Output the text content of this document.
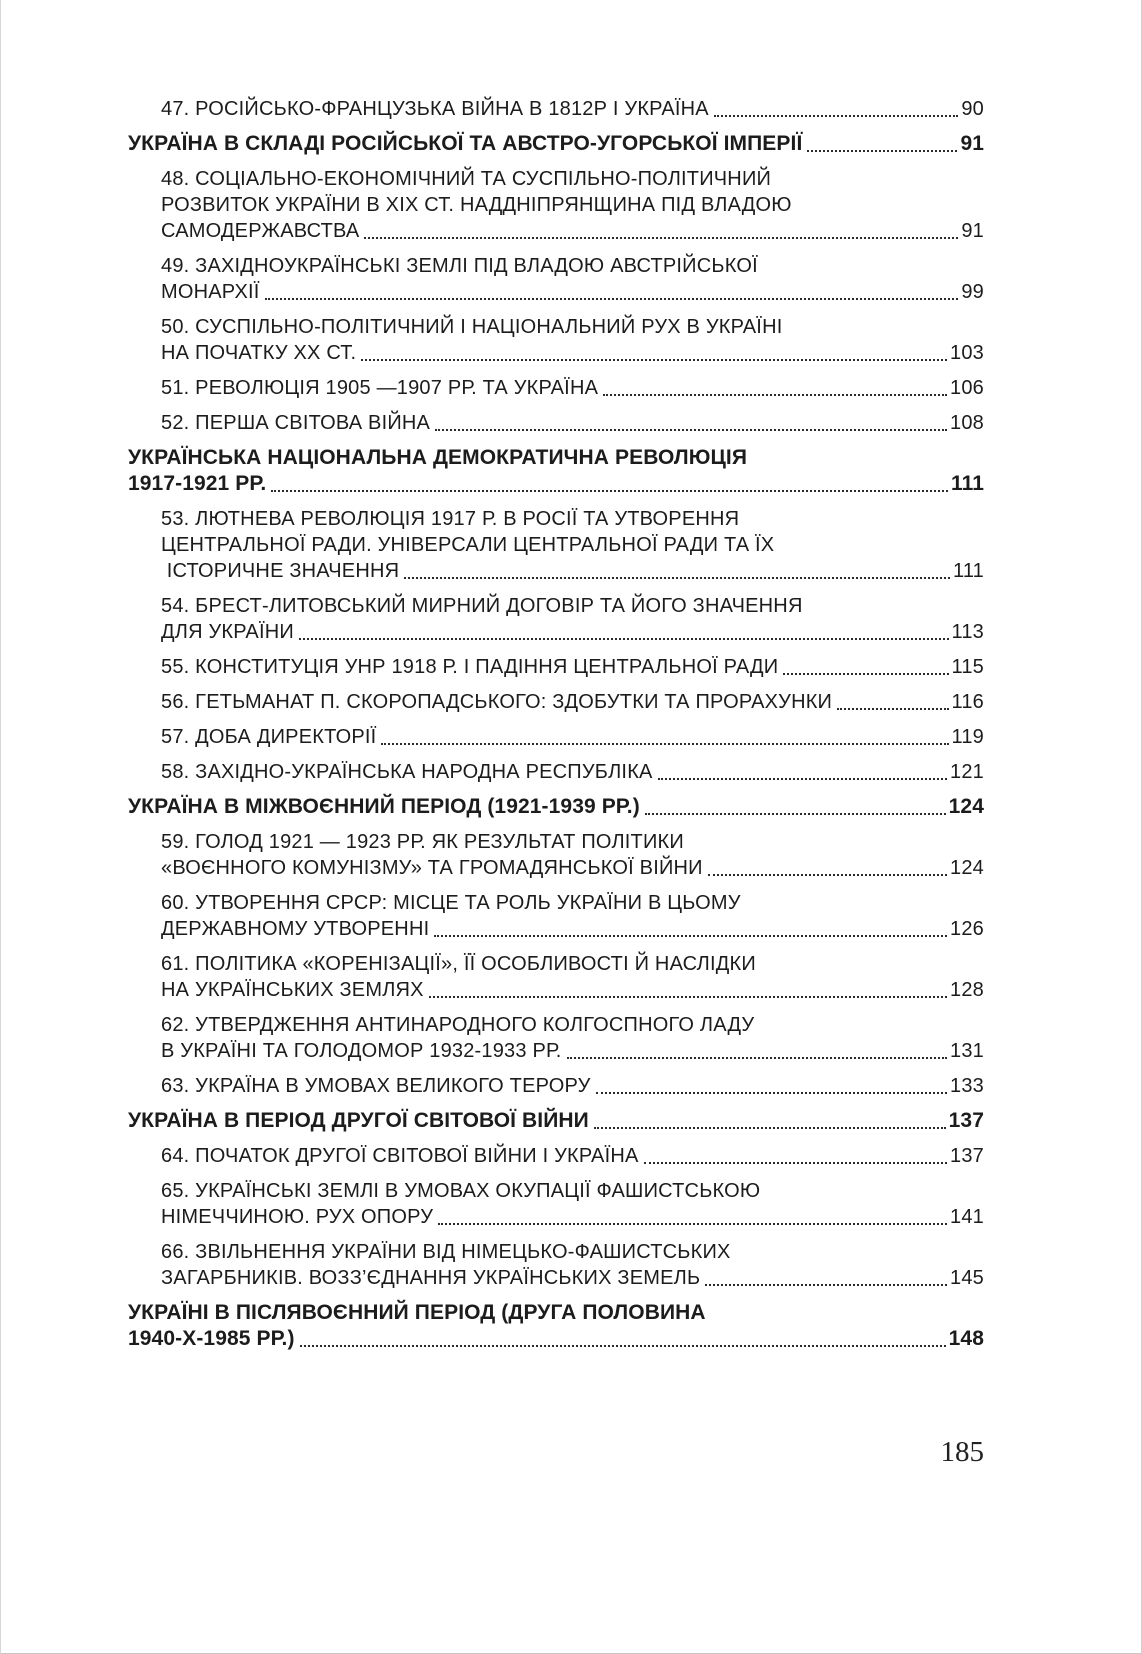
47. РОСІЙСЬКО-ФРАНЦУЗЬКА ВІЙНА В 1812Р І УКРАЇНА	90
УКРАЇНА В СКЛАДІ РОСІЙСЬКОЇ ТА АВСТРО-УГОРСЬКОЇ ІМПЕРІЇ	91
48. СОЦІАЛЬНО-ЕКОНОМІЧНИЙ ТА СУСПІЛЬНО-ПОЛІТИЧНИЙ
РОЗВИТОК УКРАЇНИ В XIX СТ. НАДДНІПРЯНЩИНА ПІД ВЛАДОЮ
САМОДЕРЖАВСТВА	91
49. ЗАХІДНОУКРАЇНСЬКІ ЗЕМЛІ ПІД ВЛАДОЮ АВСТРІЙСЬКОЇ
МОНАРХІЇ	99
50. СУСПІЛЬНО-ПОЛІТИЧНИЙ І НАЦІОНАЛЬНИЙ РУХ В УКРАЇНІ
НА ПОЧАТКУ XX СТ.	103
51. РЕВОЛЮЦІЯ 1905 —1907 РР. ТА УКРАЇНА	106
52. ПЕРША СВІТОВА ВІЙНА	108
УКРАЇНСЬКА НАЦІОНАЛЬНА ДЕМОКРАТИЧНА РЕВОЛЮЦІЯ
1917-1921 РР.	111
53. ЛЮТНЕВА РЕВОЛЮЦІЯ 1917 Р. В РОСІЇ ТА УТВОРЕННЯ
ЦЕНТРАЛЬНОЇ РАДИ. УНІВЕРСАЛИ ЦЕНТРАЛЬНОЇ РАДИ ТА ЇХ
ІСТОРИЧНЕ ЗНАЧЕННЯ	111
54. БРЕСТ-ЛИТОВСЬКИЙ МИРНИЙ ДОГОВІР ТА ЙОГО ЗНАЧЕННЯ
ДЛЯ УКРАЇНИ	113
55. КОНСТИТУЦІЯ УНР 1918 Р. І ПАДІННЯ ЦЕНТРАЛЬНОЇ РАДИ	115
56. ГЕТЬМАНАТ П. СКОРОПАДСЬКОГО: ЗДОБУТКИ ТА ПРОРАХУНКИ	116
57. ДОБА ДИРЕКТОРІЇ	119
58. ЗАХІДНО-УКРАЇНСЬКА НАРОДНА РЕСПУБЛІКА	121
УКРАЇНА В МІЖВОЄННИЙ ПЕРІОД (1921-1939 РР.)	124
59. ГОЛОД 1921 — 1923 РР. ЯК РЕЗУЛЬТАТ ПОЛІТИКИ
«ВОЄННОГО КОМУНІЗМУ» ТА ГРОМАДЯНСЬКОЇ ВІЙНИ	124
60. УТВОРЕННЯ СРСР: МІСЦЕ ТА РОЛЬ УКРАЇНИ В ЦЬОМУ
ДЕРЖАВНОМУ УТВОРЕННІ	126
61. ПОЛІТИКА «КОРЕНІЗАЦІЇ», ЇЇ ОСОБЛИВОСТІ Й НАСЛІДКИ
НА УКРАЇНСЬКИХ ЗЕМЛЯХ	128
62. УТВЕРДЖЕННЯ АНТИНАРОДНОГО КОЛГОСПНОГО ЛАДУ
В УКРАЇНІ ТА ГОЛОДОМОР 1932-1933 РР.	131
63. УКРАЇНА В УМОВАХ ВЕЛИКОГО ТЕРОРУ	133
УКРАЇНА В ПЕРІОД ДРУГОЇ СВІТОВОЇ ВІЙНИ	137
64. ПОЧАТОК ДРУГОЇ СВІТОВОЇ ВІЙНИ І УКРАЇНА	137
65. УКРАЇНСЬКІ ЗЕМЛІ В УМОВАХ ОКУПАЦІЇ ФАШИСТСЬКОЮ
НІМЕЧЧИНОЮ. РУХ ОПОРУ	141
66. ЗВІЛЬНЕННЯ УКРАЇНИ ВІД НІМЕЦЬКО-ФАШИСТСЬКИХ
ЗАГАРБНИКІВ. ВОЗЗ’ЄДНАННЯ УКРАЇНСЬКИХ ЗЕМЕЛЬ	145
УКРАЇНІ В ПІСЛЯВОЄННИЙ ПЕРІОД (ДРУГА ПОЛОВИНА
1940-Х-1985 РР.)	148
185
